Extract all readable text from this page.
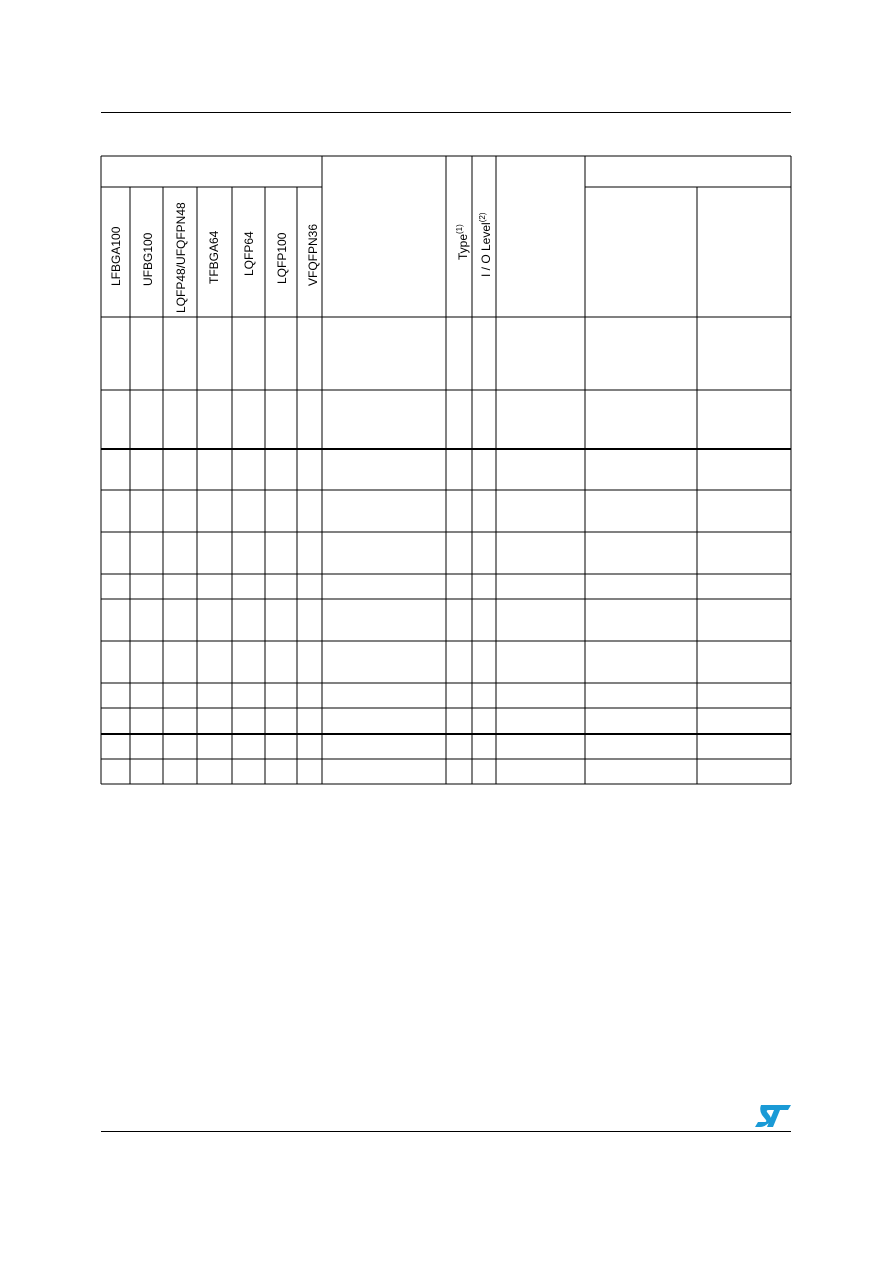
LFBGA100 UFBG100 LQFP48/UFQFPN48 TFBGA64 LQFP64 LQFP100 VFQFPN36	Type$^{(1)}$	I / O Level$^{(2)}$
